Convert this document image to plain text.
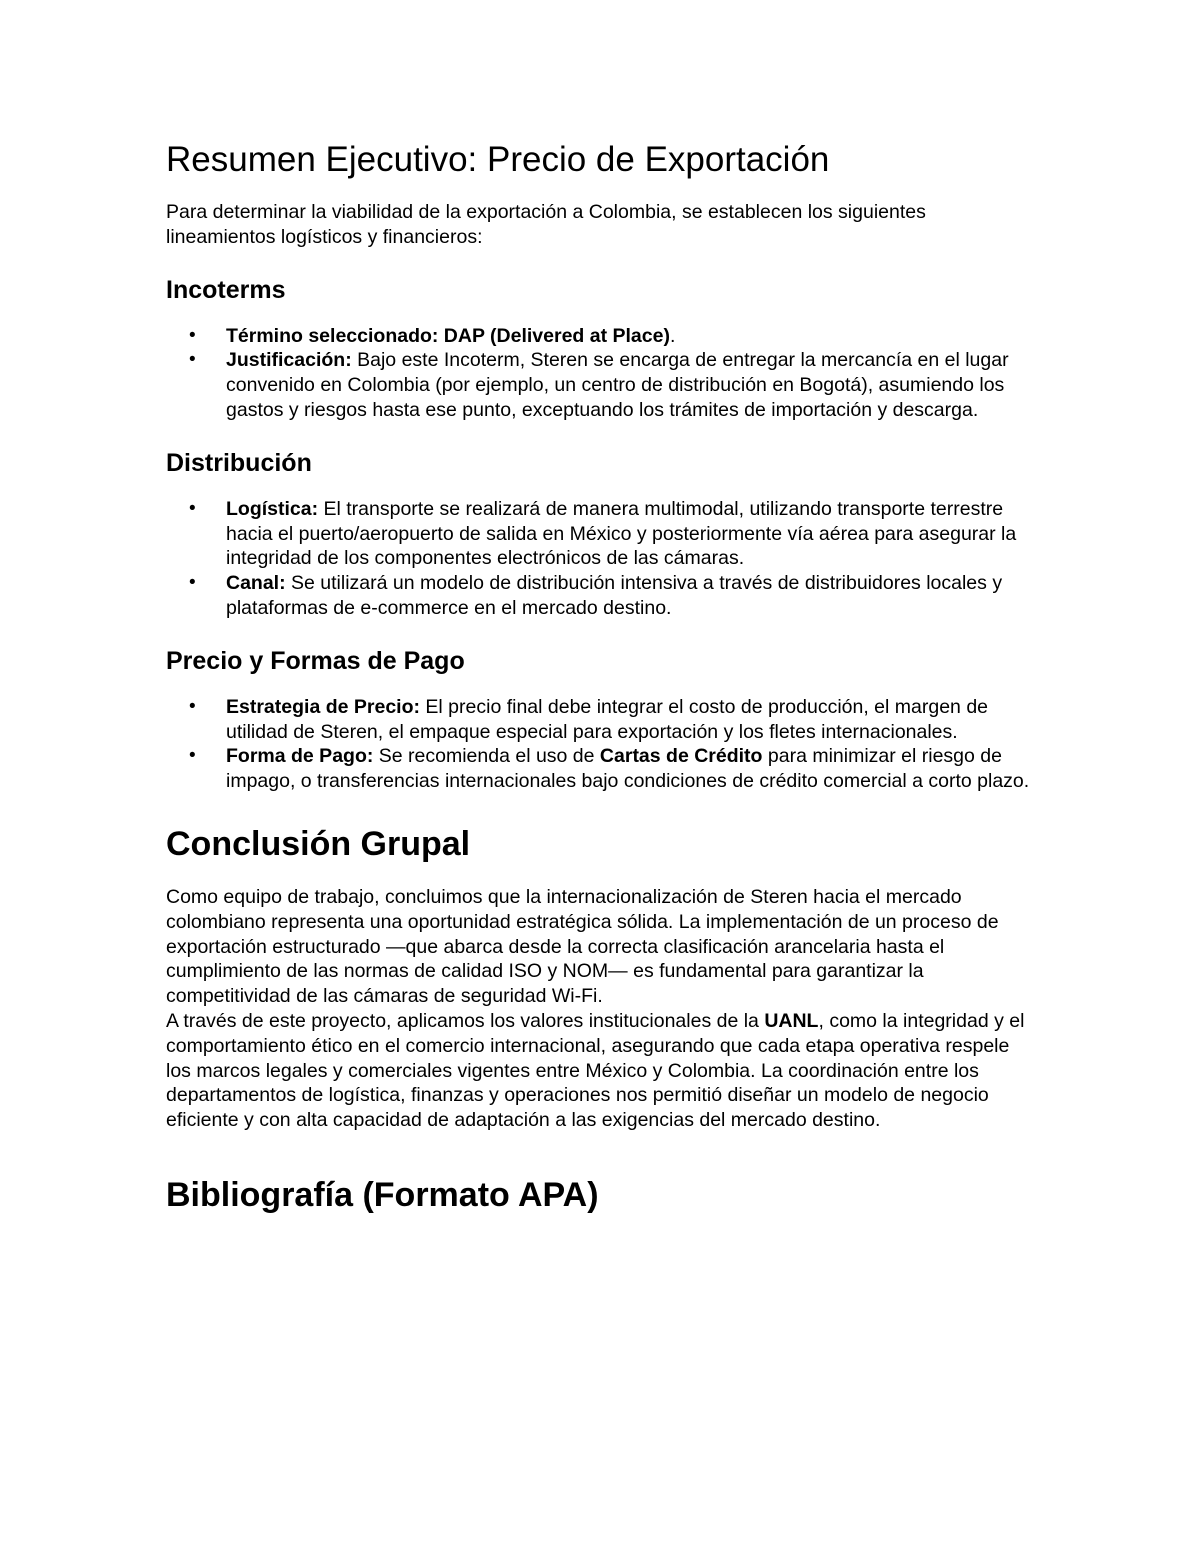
Resumen Ejecutivo: Precio de Exportación

Para determinar la viabilidad de la exportación a Colombia, se establecen los siguientes lineamientos logísticos y financieros:

Incoterms
• Término seleccionado: DAP (Delivered at Place).
• Justificación: Bajo este Incoterm, Steren se encarga de entregar la mercancía en el lugar convenido en Colombia (por ejemplo, un centro de distribución en Bogotá), asumiendo los gastos y riesgos hasta ese punto, exceptuando los trámites de importación y descarga.
Distribución
• Logística: El transporte se realizará de manera multimodal, utilizando transporte terrestre hacia el puerto/aeropuerto de salida en México y posteriormente vía aérea para asegurar la integridad de los componentes electrónicos de las cámaras.
• Canal: Se utilizará un modelo de distribución intensiva a través de distribuidores locales y plataformas de e-commerce en el mercado destino.
Precio y Formas de Pago
• Estrategia de Precio: El precio final debe integrar el costo de producción, el margen de utilidad de Steren, el empaque especial para exportación y los fletes internacionales.
• Forma de Pago: Se recomienda el uso de Cartas de Crédito para minimizar el riesgo de impago, o transferencias internacionales bajo condiciones de crédito comercial a corto plazo.
Conclusión Grupal

Como equipo de trabajo, concluimos que la internacionalización de Steren hacia el mercado colombiano representa una oportunidad estratégica sólida. La implementación de un proceso de exportación estructurado —que abarca desde la correcta clasificación arancelaria hasta el cumplimiento de las normas de calidad ISO y NOM— es fundamental para garantizar la competitividad de las cámaras de seguridad Wi-Fi.

A través de este proyecto, aplicamos los valores institucionales de la UANL, como la integridad y el comportamiento ético en el comercio internacional, asegurando que cada etapa operativa respele los marcos legales y comerciales vigentes entre México y Colombia. La coordinación entre los departamentos de logística, finanzas y operaciones nos permitió diseñar un modelo de negocio eficiente y con alta capacidad de adaptación a las exigencias del mercado destino.

Bibliografía (Formato APA)
